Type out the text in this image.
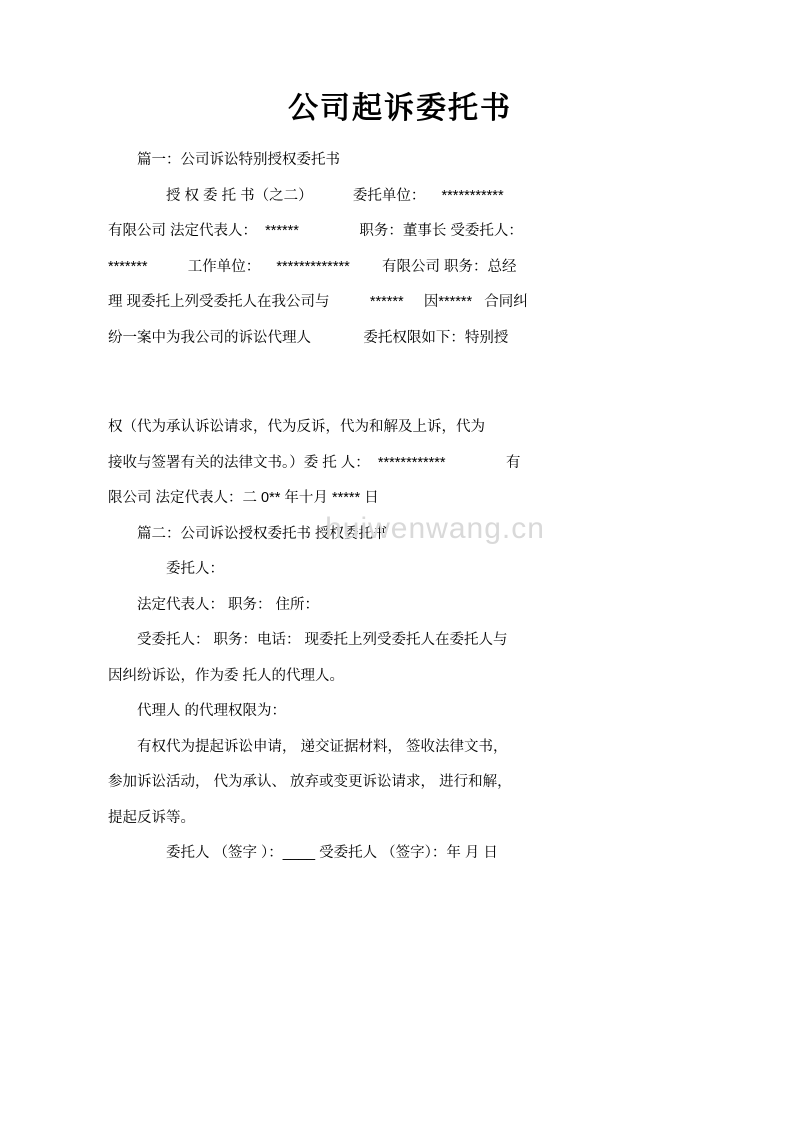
公司起诉委托书

篇一：公司诉讼特别授权委托书

授 权 委 托 书（之二）          委托单位：    ***********

有限公司 法定代表人：  ******               职务：董事长 受委托人：

*******          工作单位：    *************        有限公司 职务：总经

理 现委托上列受委托人在我公司与          ******     因******   合同纠

纷一案中为我公司的诉讼代理人             委托权限如下：特别授

权（代为承认诉讼请求，代为反诉，代为和解及上诉，代为

接收与签署有关的法律文书。）委 托 人：  ************               有

限公司 法定代表人：二 0** 年十月 ***** 日

篇二：公司诉讼授权委托书 授权委托书

委托人：

法定代表人： 职务： 住所：

受委托人： 职务：电话： 现委托上列受委托人在委托人与

因纠纷诉讼，作为委 托人的代理人。

代理人 的代理权限为：

有权代为提起诉讼申请， 递交证据材料， 签收法律文书，

参加诉讼活动， 代为承认、 放弃或变更诉讼请求， 进行和解，

提起反诉等。

委托人 （签字 ）：____ 受委托人 （签字）：年 月 日

huiwenwang.cn
